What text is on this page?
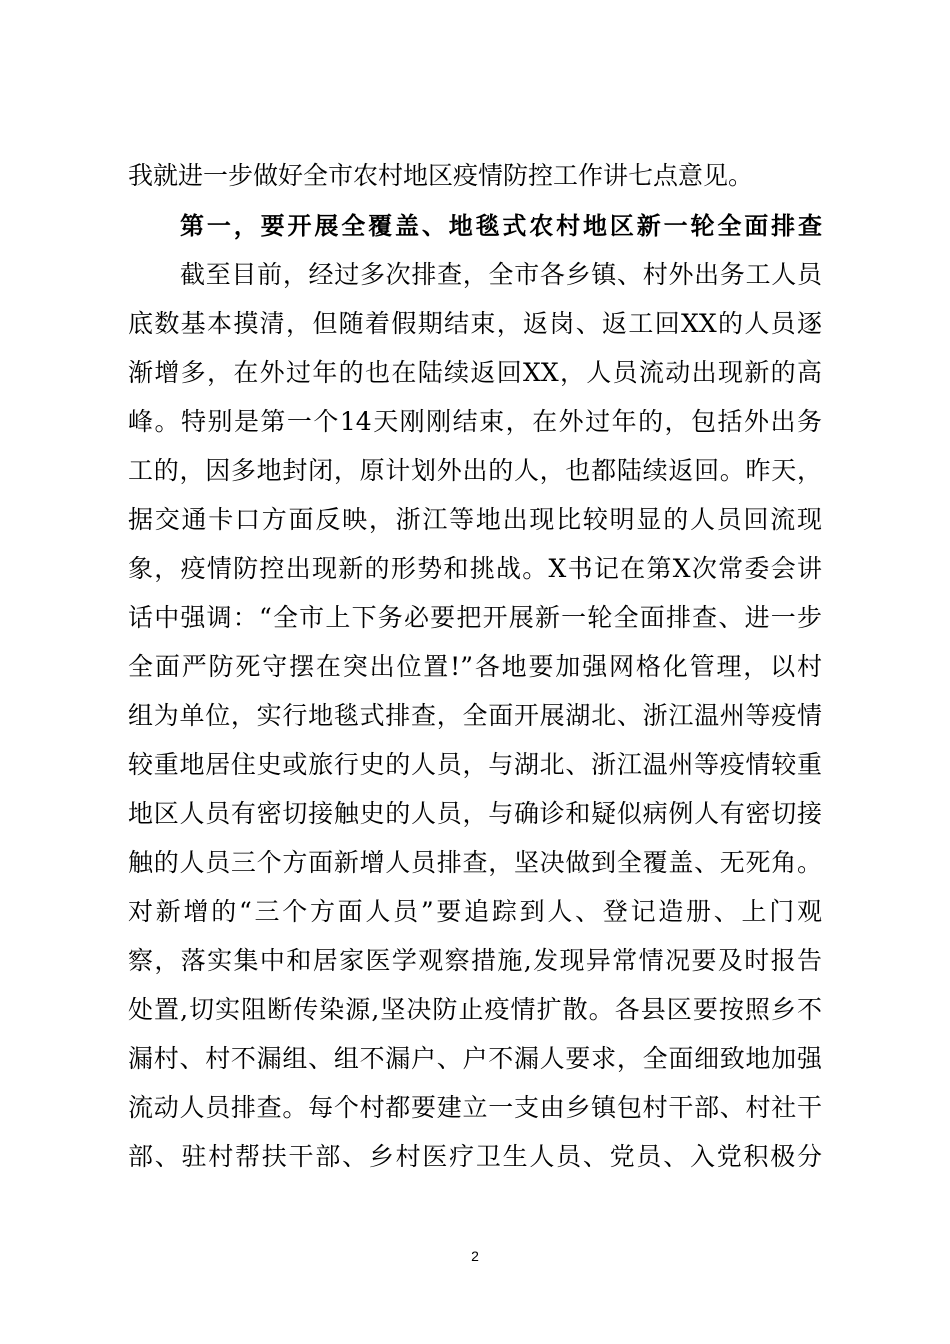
我就进一步做好全市农村地区疫情防控工作讲七点意见。
第一，要开展全覆盖、地毯式农村地区新一轮全面排查
截至目前，经过多次排查，全市各乡镇、村外出务工人员
底数基本摸清，但随着假期结束，返岗、返工回XX的人员逐
渐增多，在外过年的也在陆续返回XX，人员流动出现新的高
峰。特别是第一个14天刚刚结束，在外过年的，包括外出务
工的，因多地封闭，原计划外出的人，也都陆续返回。昨天，
据交通卡口方面反映，浙江等地出现比较明显的人员回流现
象，疫情防控出现新的形势和挑战。X书记在第X次常委会讲
话中强调：“全市上下务必要把开展新一轮全面排查、进一步
全面严防死守摆在突出位置!”各地要加强网格化管理，以村
组为单位，实行地毯式排查，全面开展湖北、浙江温州等疫情
较重地居住史或旅行史的人员，与湖北、浙江温州等疫情较重
地区人员有密切接触史的人员，与确诊和疑似病例人有密切接
触的人员三个方面新增人员排查，坚决做到全覆盖、无死角。
对新增的“三个方面人员”要追踪到人、登记造册、上门观
察，落实集中和居家医学观察措施,发现异常情况要及时报告
处置,切实阻断传染源,坚决防止疫情扩散。各县区要按照乡不
漏村、村不漏组、组不漏户、户不漏人要求，全面细致地加强
流动人员排查。每个村都要建立一支由乡镇包村干部、村社干
部、驻村帮扶干部、乡村医疗卫生人员、党员、入党积极分
2
